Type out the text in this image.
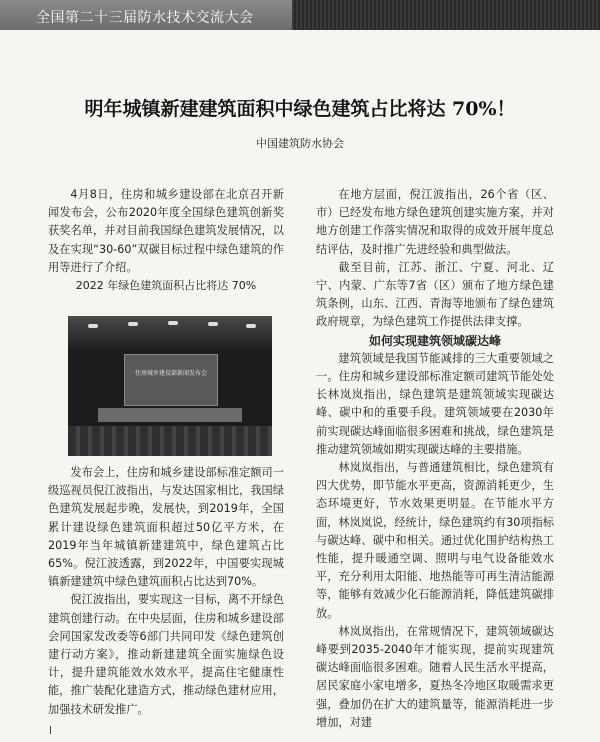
全国第二十三届防水技术交流大会
明年城镇新建建筑面积中绿色建筑占比将达 70%！
中国建筑防水协会

4月8日，住房和城乡建设部在北京召开新闻发布会，公布2020年度全国绿色建筑创新奖获奖名单，并对目前我国绿色建筑发展情况，以及在实现“30-60”双碳目标过程中绿色建筑的作用等进行了介绍。

2022 年绿色建筑面积占比将达 70%

住房城乡建设部新闻发布会

发布会上，住房和城乡建设部标准定额司一级巡视员倪江波指出，与发达国家相比，我国绿色建筑发展起步晚，发展快，到2019年，全国累计建设绿色建筑面积超过50亿平方米，在2019年当年城镇新建建筑中，绿色建筑占比65%。倪江波透露，到2022年，中国要实现城镇新建建筑中绿色建筑面积占比达到70%。

倪江波指出，要实现这一目标，离不开绿色建筑创建行动。在中央层面，住房和城乡建设部会同国家发改委等6部门共同印发《绿色建筑创建行动方案》，推动新建建筑全面实施绿色设计，提升建筑能效水效水平，提高住宅健康性能，推广装配化建造方式，推动绿色建材应用，加强技术研发推广。

在地方层面，倪江波指出，26个省（区、市）已经发布地方绿色建筑创建实施方案，并对地方创建工作落实情况和取得的成效开展年度总结评估，及时推广先进经验和典型做法。

截至目前，江苏、浙江、宁夏、河北、辽宁、内蒙、广东等7省（区）颁布了地方绿色建筑条例，山东、江西、青海等地颁布了绿色建筑政府规章，为绿色建筑工作提供法律支撑。

如何实现建筑领域碳达峰

建筑领域是我国节能减排的三大重要领域之一。住房和城乡建设部标准定额司建筑节能处处长林岚岚指出，绿色建筑是建筑领域实现碳达峰、碳中和的重要手段。建筑领域要在2030年前实现碳达峰面临很多困难和挑战，绿色建筑是推动建筑领域如期实现碳达峰的主要措施。

林岚岚指出，与普通建筑相比，绿色建筑有四大优势，即节能水平更高，资源消耗更少，生态环境更好，节水效果更明显。在节能水平方面，林岚岚说，经统计，绿色建筑约有30项指标与碳达峰、碳中和相关。通过优化围护结构热工性能，提升暖通空调、照明与电气设备能效水平，充分利用太阳能、地热能等可再生清洁能源等，能够有效减少化石能源消耗，降低建筑碳排放。

林岚岚指出，在常规情况下，建筑领域碳达峰要到2035-2040年才能实现，提前实现建筑碳达峰面临很多困难。随着人民生活水平提高，居民家庭小家电增多，夏热冬冷地区取暖需求更强，叠加仍在扩大的建筑量等，能源消耗进一步增加，对建
